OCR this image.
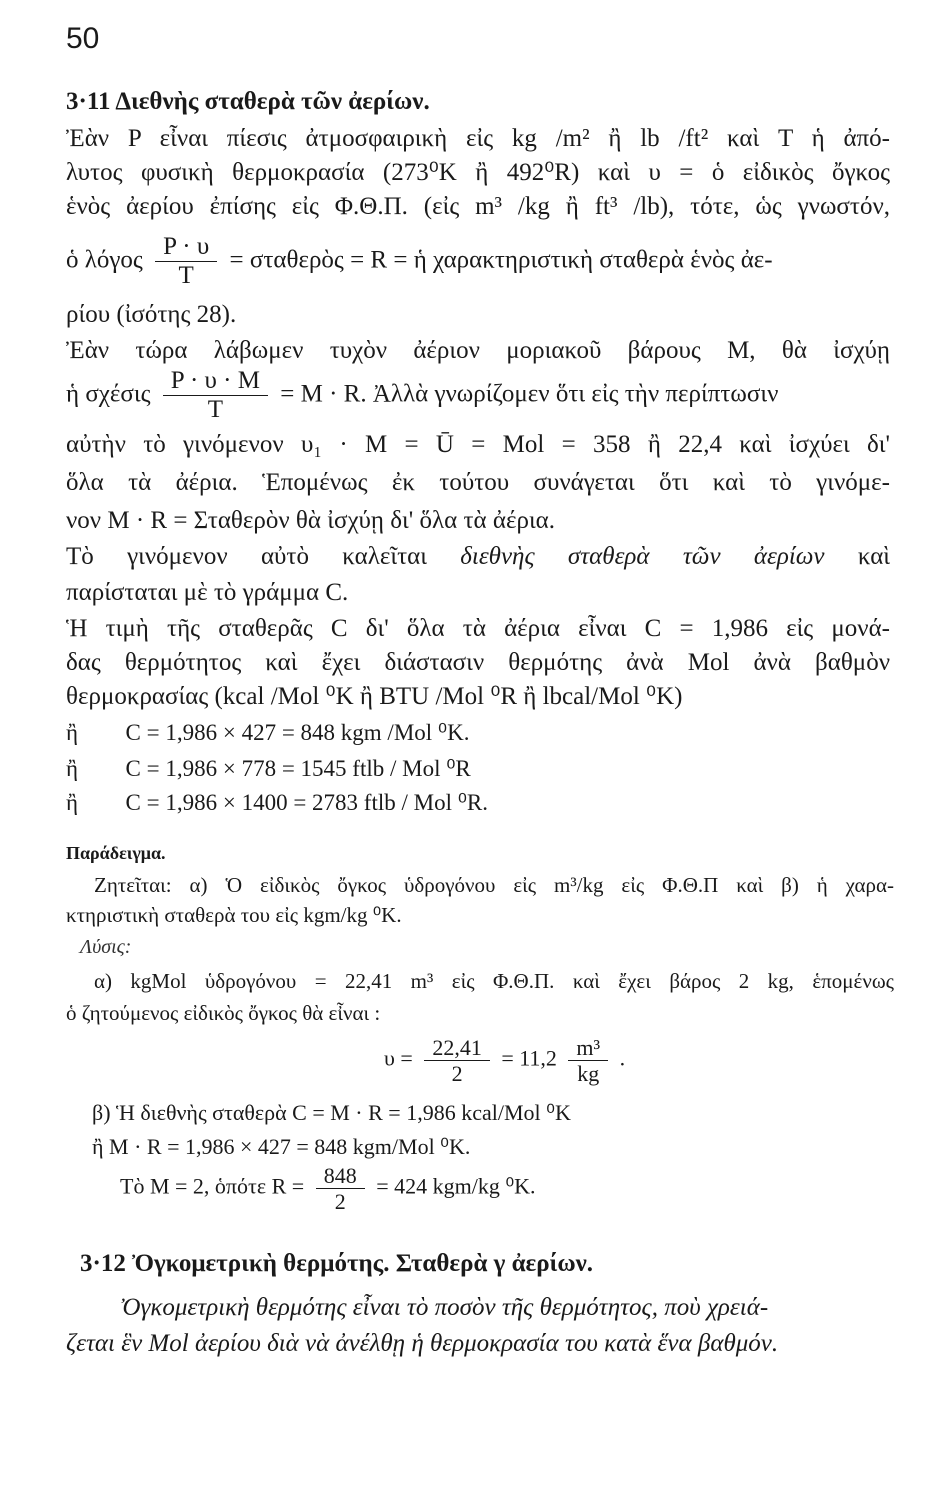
50
3·11 Διεθνὴς σταθερὰ τῶν ἀερίων.
Ἐὰν P εἶναι πίεσις ἀτμοσφαιρικὴ εἰς kg /m² ἢ lb /ft² καὶ T ἡ ἀπό-
λυτος φυσικὴ θερμοκρασία (273⁰K ἢ 492⁰R) καὶ υ = ὁ εἰδικὸς ὄγκος
ἑνὸς ἀερίου ἐπίσης εἰς Φ.Θ.Π. (εἰς m³ /kg ἢ ft³ /lb), τότε, ὡς γνωστόν,
ὁ λόγος $\frac{P \cdot \upsilon}{T}$ = σταθερὸς = R = ἡ χαρακτηριστικὴ σταθερὰ ἑνὸς ἀε-
ρίου (ἰσότης 28).
Ἐὰν τώρα λάβωμεν τυχὸν ἀέριον μοριακοῦ βάρους M, θὰ ἰσχύῃ
ἡ σχέσις $\frac{P \cdot \upsilon \cdot M}{T} = M \cdot R$. Ἀλλὰ γνωρίζομεν ὅτι εἰς τὴν περίπτωσιν
αὐτὴν τὸ γινόμενον υ₁ · M = Ū = Mol = 358 ἢ 22,4 καὶ ἰσχύει δι'
ὅλα τὰ ἀέρια. Ἑπομένως ἐκ τούτου συνάγεται ὅτι καὶ τὸ γινόμε-
νον M · R = Σταθερὸν θὰ ἰσχύῃ δι' ὅλα τὰ ἀέρια.
Τὸ γινόμενον αὐτὸ καλεῖται διεθνὴς σταθερὰ τῶν ἀερίων καὶ
παρίσταται μὲ τὸ γράμμα C.
Ἡ τιμὴ τῆς σταθερᾶς C δι' ὅλα τὰ ἀέρια εἶναι C = 1,986 εἰς μονά-
δας θερμότητος καὶ ἔχει διάστασιν θερμότης ἀνὰ Mol ἀνὰ βαθμὸν
θερμοκρασίας (kcal /Mol ⁰K ἢ BTU /Mol ⁰R ἢ lbcal/Mol ⁰K)
ἢ C = 1,986 × 427 = 848 kgm /Mol ⁰K.
ἢ C = 1,986 × 778 = 1545 ftlb / Mol ⁰R
ἢ C = 1,986 × 1400 = 2783 ftlb / Mol ⁰R.
Παράδειγμα.
Ζητεῖται: α) Ὁ εἰδικὸς ὄγκος ὑδρογόνου εἰς m³/kg εἰς Φ.Θ.Π καὶ β) ἡ χαρα-
κτηριστικὴ σταθερὰ του εἰς kgm/kg ⁰K.
Λύσις:
α) kgMol ὑδρογόνου = 22,41 m³ εἰς Φ.Θ.Π. καὶ ἔχει βάρος 2 kg, ἑπομένως
ὁ ζητούμενος εἰδικὸς ὄγκος θὰ εἶναι :
$\upsilon = \frac{22,41}{2} = 11,2 \frac{\text{m³}}{kg}$ .
β) Ἡ διεθνὴς σταθερὰ C = M · R = 1,986 kcal/Mol ⁰K
ἢ M · R = 1,986 × 427 = 848 kgm/Mol ⁰K.
Τὸ M = 2, ὁπότε $R = \frac{848}{2} = 424$ kgm/kg ⁰K.
3·12 Ὀγκομετρικὴ θερμότης. Σταθερὰ γ ἀερίων.
Ὀγκομετρικὴ θερμότης εἶναι τὸ ποσὸν τῆς θερμότητος, ποὺ χρειά-
ζεται ἓν Mol ἀερίου διὰ νὰ ἀνέλθῃ ἡ θερμοκρασία του κατὰ ἕνα βαθμόν.
